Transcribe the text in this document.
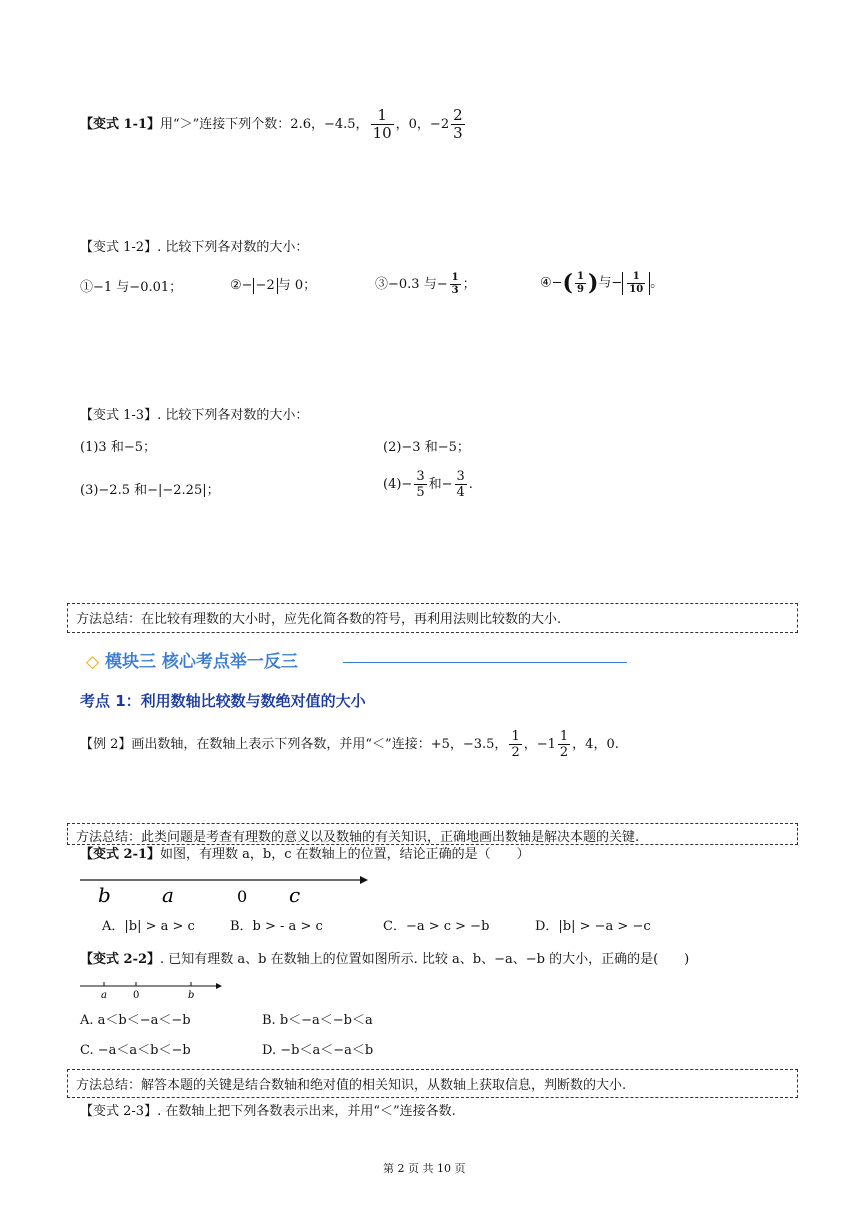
【变式 1-1】用“＞”连接下列个数：2.6，−4.5， $\frac{1}{10}$ ，0，$-2 \frac{2}{3}$
【变式 1-2】. 比较下列各对数的大小：
①−1 与−0.01；	②− −2 与 0；	③−0.3 与− $\frac{1}{3}$ ；	④−( $\frac{1}{9}$ )与− $\frac{1}{10}$ 。
【变式 1-3】. 比较下列各对数的大小：
(1)3 和−5；	(2)−3 和−5；
(3)−2.5 和−|−2.25|；	$(4)- \frac{3}{5}$ 和− $\frac{3}{4}$ .
方法总结：在比较有理数的大小时，应先化简各数的符号，再利用法则比较数的大小.
◇ 模块三 核心考点举一反三
考点 1：利用数轴比较数与数绝对值的大小
【例 2】画出数轴，在数轴上表示下列各数，并用“＜”连接：+5，−3.5， $\frac{1}{2}$ ，$-1 \frac{1}{2}$ ，4，0.
方法总结：此类问题是考查有理数的意义以及数轴的有关知识，正确地画出数轴是解决本题的关键.
【变式 2-1】如图，有理数 a，b，c 在数轴上的位置，结论正确的是（　　）
b	a	0 c
A．|b| > a > c	B．b > - a > c	C．−a > c > −b	D．|b| > −a > −c
【变式 2-2】. 已知有理数 a、b 在数轴上的位置如图所示. 比较 a、b、−a、−b 的大小，正确的是(　　)
a	0	b
A. a＜b＜−a＜−b	B. b＜−a＜−b＜a
C. −a＜a＜b＜−b	D. −b＜a＜−a＜b
方法总结：解答本题的关键是结合数轴和绝对值的相关知识，从数轴上获取信息，判断数的大小.
【变式 2-3】. 在数轴上把下列各数表示出来，并用“＜”连接各数.
第 2 页 共 10 页
